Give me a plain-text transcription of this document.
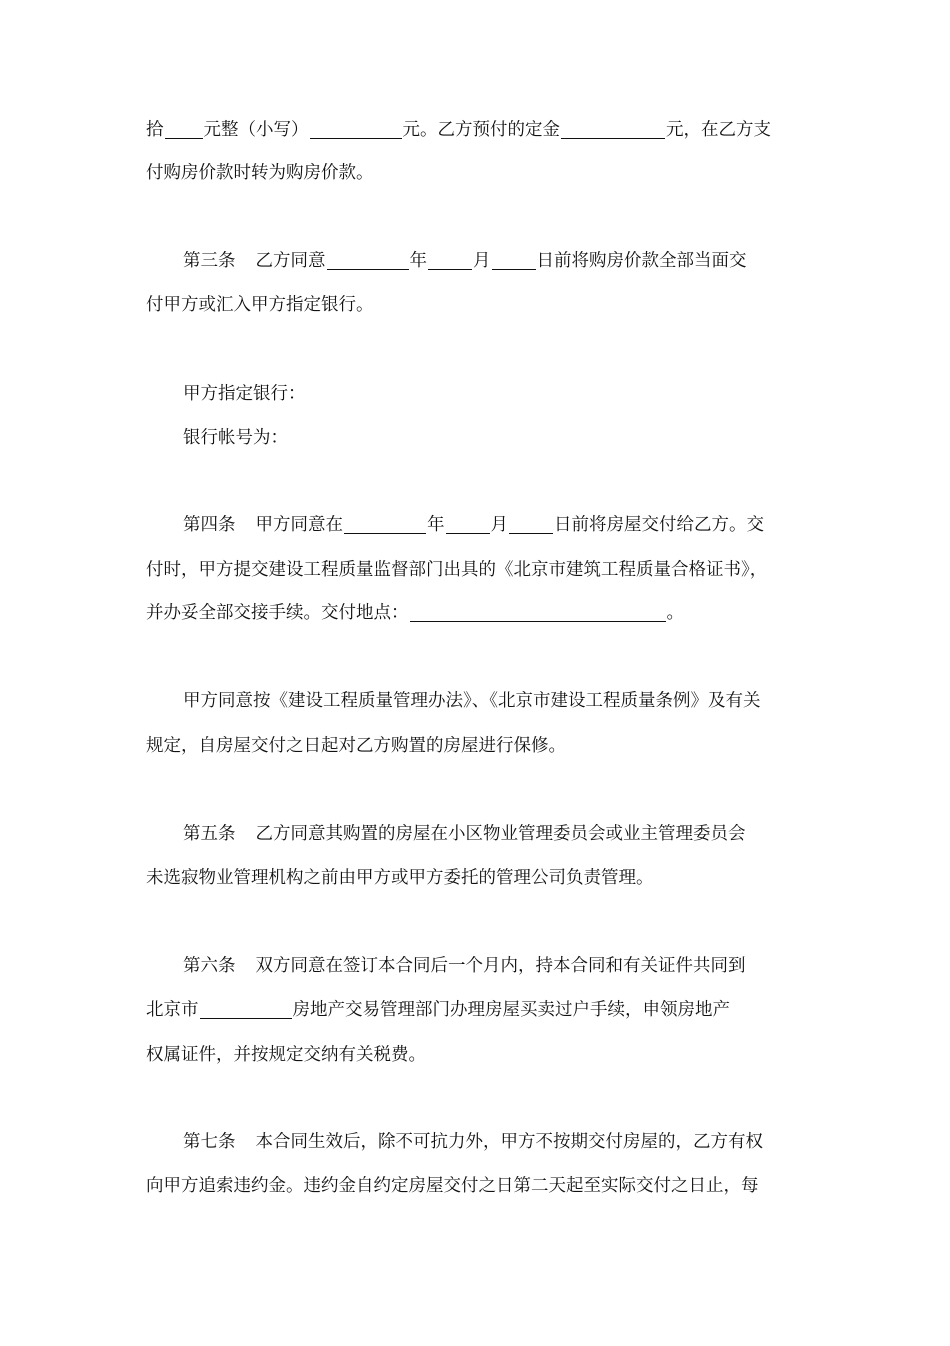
拾 元整（小写）	元。乙方预付的定金	元，在乙方支
付购房价款时转为购房价款。
第三条 乙方同意	年	月	日前将购房价款全部当面交
付甲方或汇入甲方指定银行。
甲方指定银行：
银行帐号为：
第四条 甲方同意在	年	月	日前将房屋交付给乙方。交
付时，甲方提交建设工程质量监督部门出具的《北京市建筑工程质量合格证书》，
并办妥全部交接手续。交付地点：	。
甲方同意按《建设工程质量管理办法》、《北京市建设工程质量条例》及有关
规定，自房屋交付之日起对乙方购置的房屋进行保修。
第五条 乙方同意其购置的房屋在小区物业管理委员会或业主管理委员会
未选寂物业管理机构之前由甲方或甲方委托的管理公司负责管理。
第六条 双方同意在签订本合同后一个月内，持本合同和有关证件共同到
北京市	房地产交易管理部门办理房屋买卖过户手续，申领房地产
权属证件，并按规定交纳有关税费。
第七条 本合同生效后，除不可抗力外，甲方不按期交付房屋的，乙方有权
向甲方追索违约金。违约金自约定房屋交付之日第二天起至实际交付之日止，每
